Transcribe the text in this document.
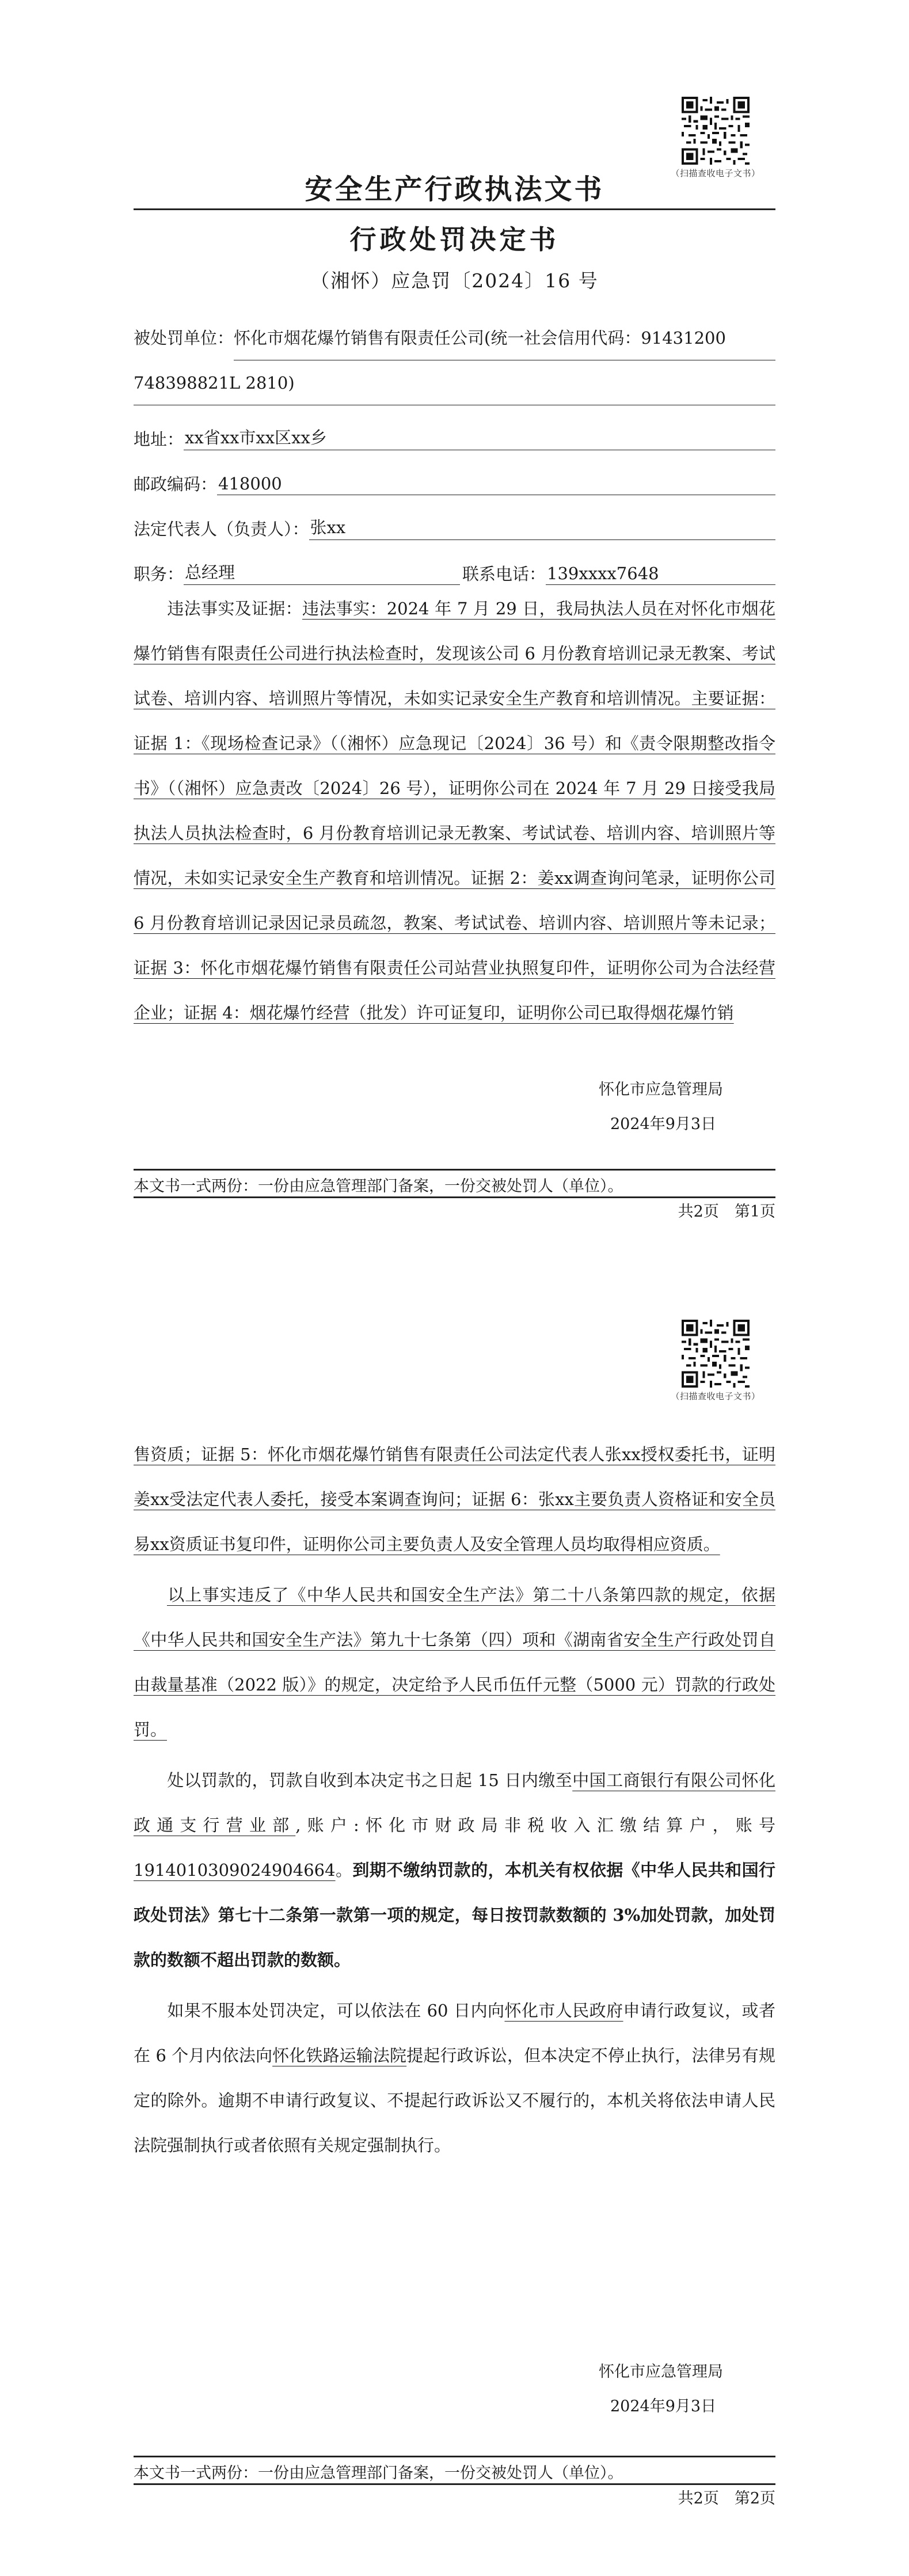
（扫描查收电子文书）
安全生产行政执法文书
行政处罚决定书
（湘怀）应急罚〔2024〕16 号
被处罚单位： 怀化市烟花爆竹销售有限责任公司(统一社会信用代码：91431200
748398821L 2810)
地址： xx省xx市xx区xx乡
邮政编码： 418000
法定代表人（负责人）： 张xx
职务： 总经理	联系电话： 139xxxx7648
违法事实及证据：违法事实：2024 年 7 月 29 日，我局执法人员在对怀化市烟花爆竹销售有限责任公司进行执法检查时，发现该公司 6 月份教育培训记录无教案、考试试卷、培训内容、培训照片等情况，未如实记录安全生产教育和培训情况。主要证据：证据 1：《现场检查记录》（（湘怀）应急现记〔2024〕36 号）和《责令限期整改指令书》（（湘怀）应急责改〔2024〕26 号），证明你公司在 2024 年 7 月 29 日接受我局执法人员执法检查时，6 月份教育培训记录无教案、考试试卷、培训内容、培训照片等情况，未如实记录安全生产教育和培训情况。证据 2：姜xx调查询问笔录，证明你公司 6 月份教育培训记录因记录员疏忽，教案、考试试卷、培训内容、培训照片等未记录；证据 3：怀化市烟花爆竹销售有限责任公司站营业执照复印件，证明你公司为合法经营企业；证据 4：烟花爆竹经营（批发）许可证复印，证明你公司已取得烟花爆竹销
怀化市应急管理局
2024年9月3日
本文书一式两份：一份由应急管理部门备案，一份交被处罚人（单位）。
共2页　第1页
（扫描查收电子文书）
售资质；证据 5：怀化市烟花爆竹销售有限责任公司法定代表人张xx授权委托书，证明姜xx受法定代表人委托，接受本案调查询问；证据 6：张xx主要负责人资格证和安全员易xx资质证书复印件，证明你公司主要负责人及安全管理人员均取得相应资质。
以上事实违反了《中华人民共和国安全生产法》第二十八条第四款的规定，依据《中华人民共和国安全生产法》第九十七条第（四）项和《湖南省安全生产行政处罚自由裁量基准（2022 版）》的规定，决定给予人民币伍仟元整（5000 元）罚款的行政处罚。
处以罚款的，罚款自收到本决定书之日起 15 日内缴至中国工商银行有限公司怀化政通支行营业部,账户:怀化市财政局非税收入汇缴结算户，账号 1914010309024904664。到期不缴纳罚款的，本机关有权依据《中华人民共和国行政处罚法》第七十二条第一款第一项的规定，每日按罚款数额的 3%加处罚款，加处罚款的数额不超出罚款的数额。
如果不服本处罚决定，可以依法在 60 日内向怀化市人民政府申请行政复议，或者在 6 个月内依法向怀化铁路运输法院提起行政诉讼，但本决定不停止执行，法律另有规定的除外。逾期不申请行政复议、不提起行政诉讼又不履行的，本机关将依法申请人民法院强制执行或者依照有关规定强制执行。
怀化市应急管理局
2024年9月3日
本文书一式两份：一份由应急管理部门备案，一份交被处罚人（单位）。
共2页　第2页
